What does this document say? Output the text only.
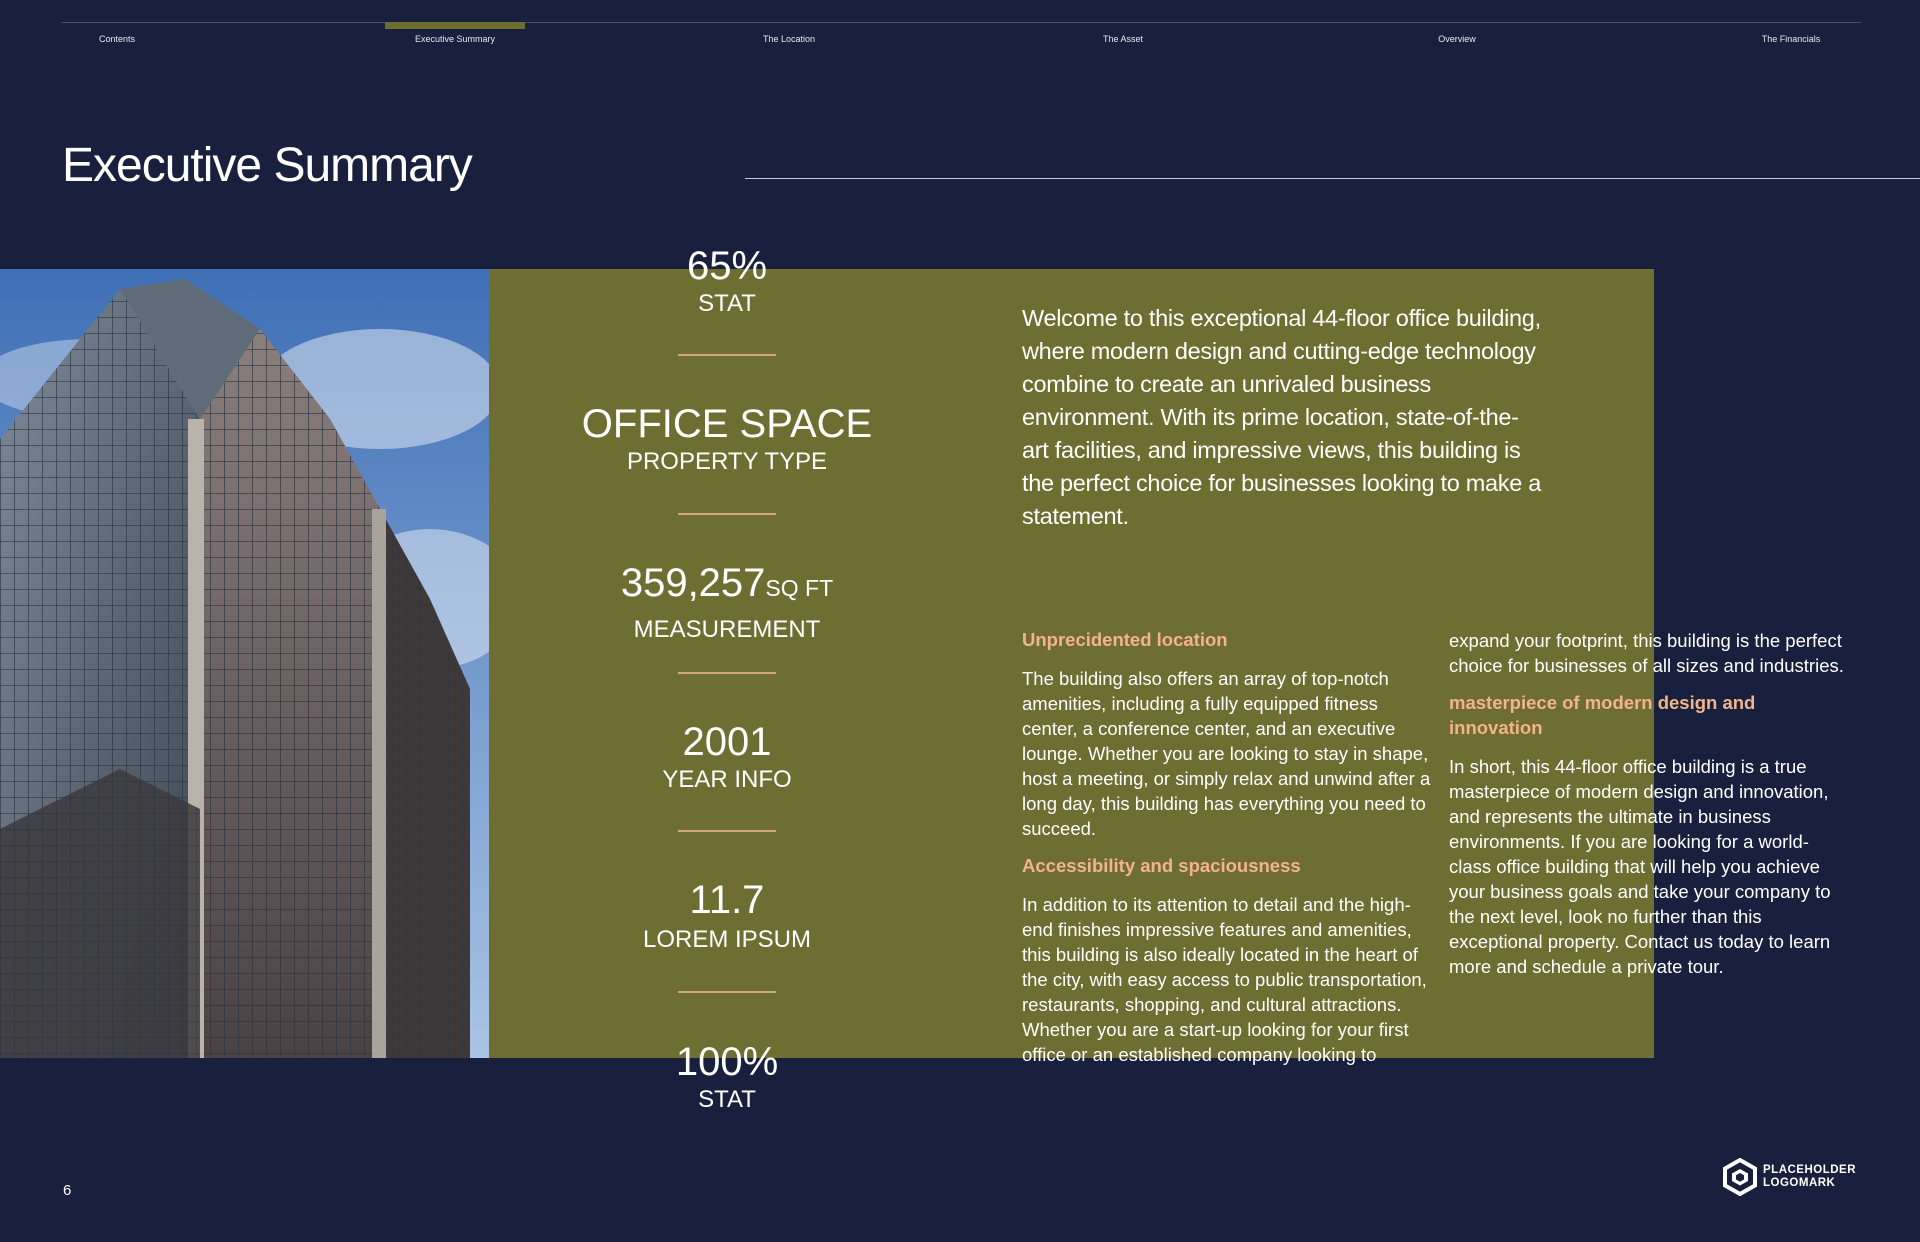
Contents	Executive Summary	The Location	The Asset	Overview	The Financials
Executive Summary
65%
STAT
OFFICE SPACE
PROPERTY TYPE
359,257SQ FT
MEASUREMENT
2001
YEAR INFO
11.7
LOREM IPSUM
100%
STAT
Welcome to this exceptional 44-floor office building, where modern design and cutting-edge technology combine to create an unrivaled business environment. With its prime location, state-of-the-art facilities, and impressive views, this building is the perfect choice for businesses looking to make a statement.
Unprecidented location

The building also offers an array of top-notch amenities, including a fully equipped fitness center, a conference center, and an executive lounge. Whether you are looking to stay in shape, host a meeting, or simply relax and unwind after a long day, this building has everything you need to succeed.

Accessibility and spaciousness

In addition to its attention to detail and the high-end finishes impressive features and amenities, this building is also ideally located in the heart of the city, with easy access to public transportation, restaurants, shopping, and cultural attractions. Whether you are a start-up looking for your first office or an established company looking to

expand your footprint, this building is the perfect choice for businesses of all sizes and industries.

masterpiece of modern design and innovation

In short, this 44-floor office building is a true masterpiece of modern design and innovation, and represents the ultimate in business environments. If you are looking for a world-class office building that will help you achieve your business goals and take your company to the next level, look no further than this exceptional property. Contact us today to learn more and schedule a private tour.

6
PLACEHOLDER
LOGOMARK
